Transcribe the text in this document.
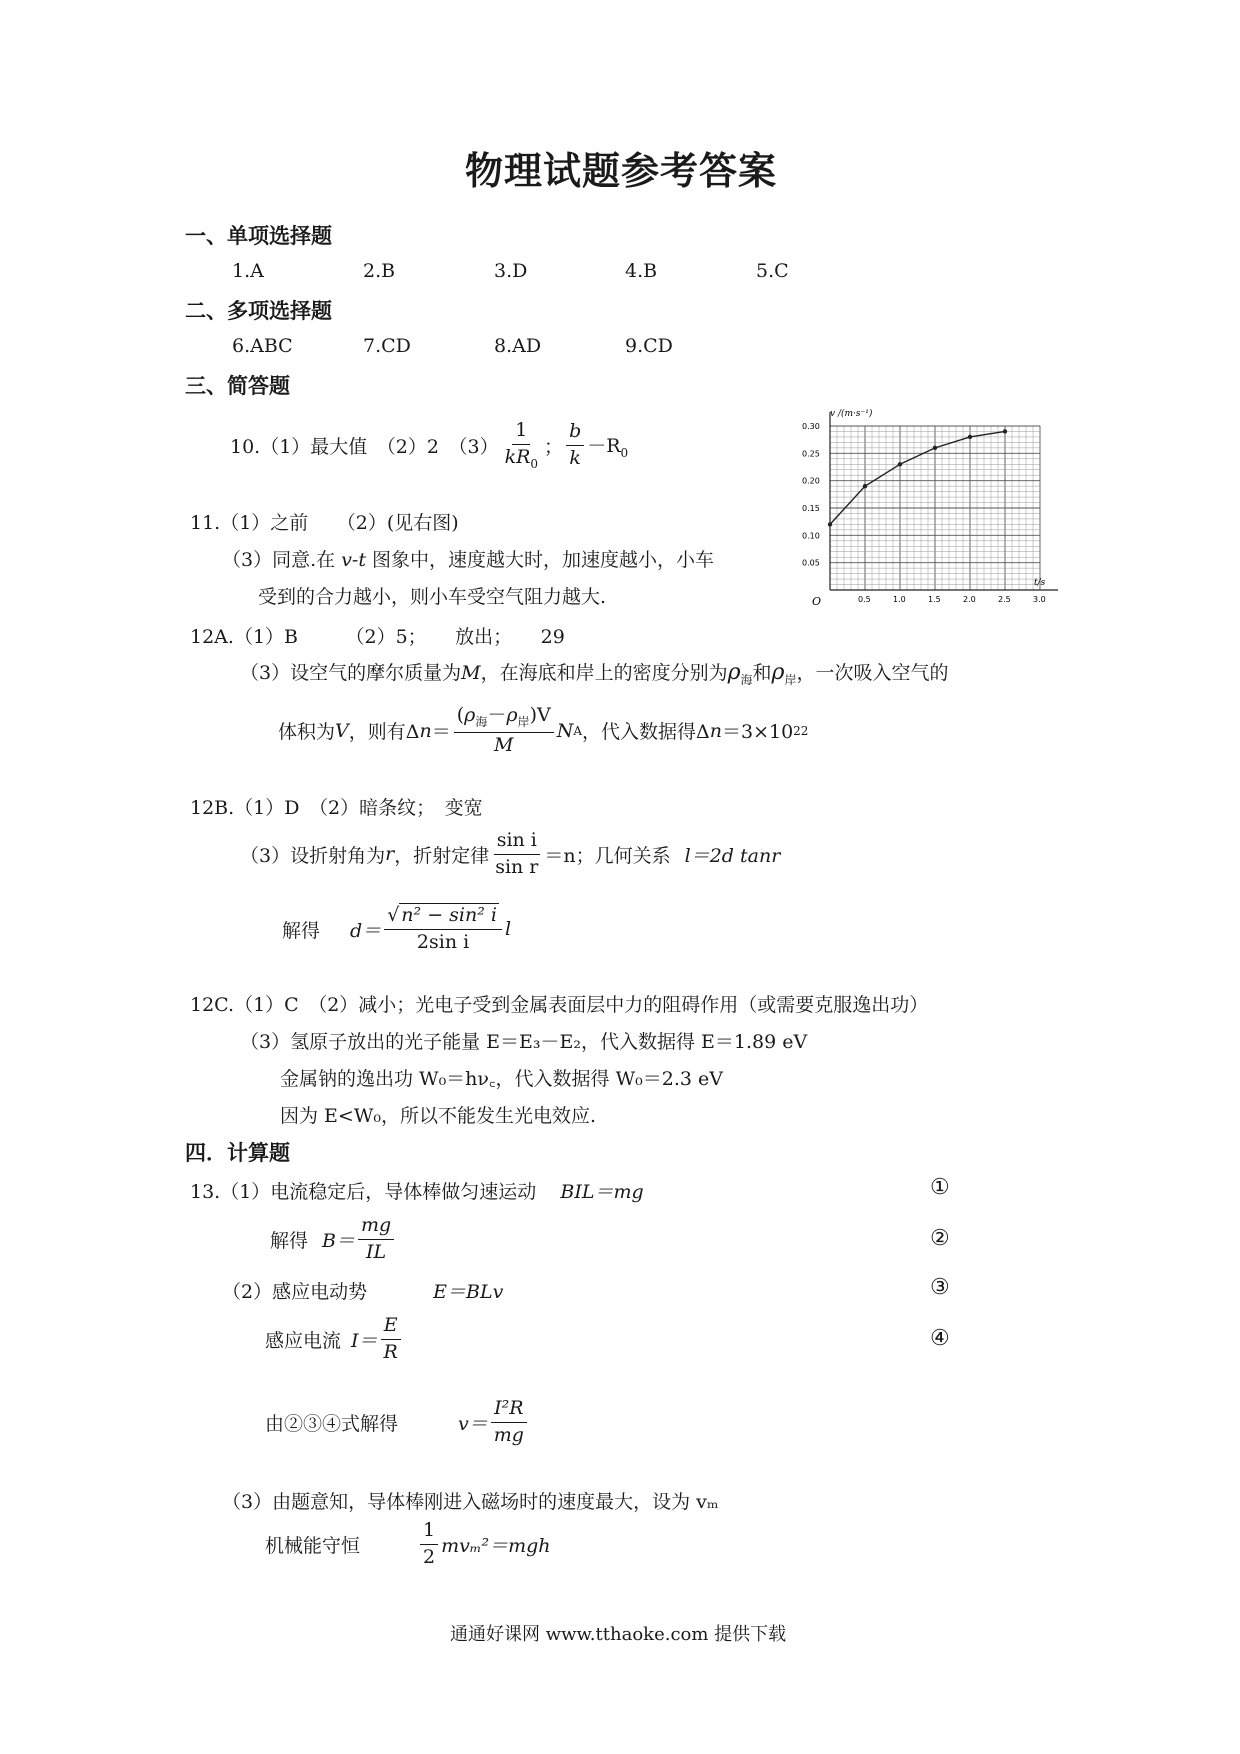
物理试题参考答案
一、单项选择题
1.A	2.B	3.D	4.B	5.C
二、多项选择题
6.ABC	7.CD	8.AD	9.CD
三、简答题
10.（1）最大值　（2）2　$(3) \frac{1}{kR_0}$ ； $\frac{b}{k} -R_0$
11.（1）之前　　（2）(见右图)
（3）同意.在 v-t 图象中，速度越大时，加速度越小，小车
受到的合力越小，则小车受空气阻力越大.	0.5	1.0	1.5	2.0	2.5	3.0
0.05
0.10
0.15
0.20
0.25
0.30
v /(m·s⁻¹)
t/s
O
12A.（1）B　　　（2）5；　　放出；　　29
（3）设空气的摩尔质量为M，在海底和岸上的密度分别为$\rho_海$和$\rho_岸$，一次吸入空气的
体积为 V ，则有Δ $n = \frac{(\rho_海-\rho_岸)V}{M}$ N A ，代入数据得Δ n ＝3×10 22
12B.（1）D　（2）暗条纹；　变宽
（3）设折射角为 r ，折射定律 $\frac{\text{sin i}}{\text{sin r}} =n$；几何关系 l＝2d tanr
解得 $d= \frac{\text{√ n² − sin² i}}{\text{2sin i}}$ l
12C.（1）C　（2）减小；光电子受到金属表面层中力的阻碍作用（或需要克服逸出功）
（3）氢原子放出的光子能量 E＝E₃－E₂，代入数据得 E＝1.89 eV
金属钠的逸出功 W₀＝hν꜀，代入数据得 W₀＝2.3 eV
因为 E<W₀，所以不能发生光电效应.
四．计算题
13.（1）电流稳定后，导体棒做匀速运动 BIL＝mg	①
解得 $B= \frac{mg}{IL}$	②
（2）感应电动势	E＝BLv	③
感应电流 $I= \frac{E}{R}$	④
由②③④式解得	$v= \frac{\text{I²R}}{mg}$
（3）由题意知，导体棒刚进入磁场时的速度最大，设为 vₘ
机械能守恒	$\frac{1}{2} mv_m^2=mgh$
通通好课网 www.tthaoke.com 提供下载
